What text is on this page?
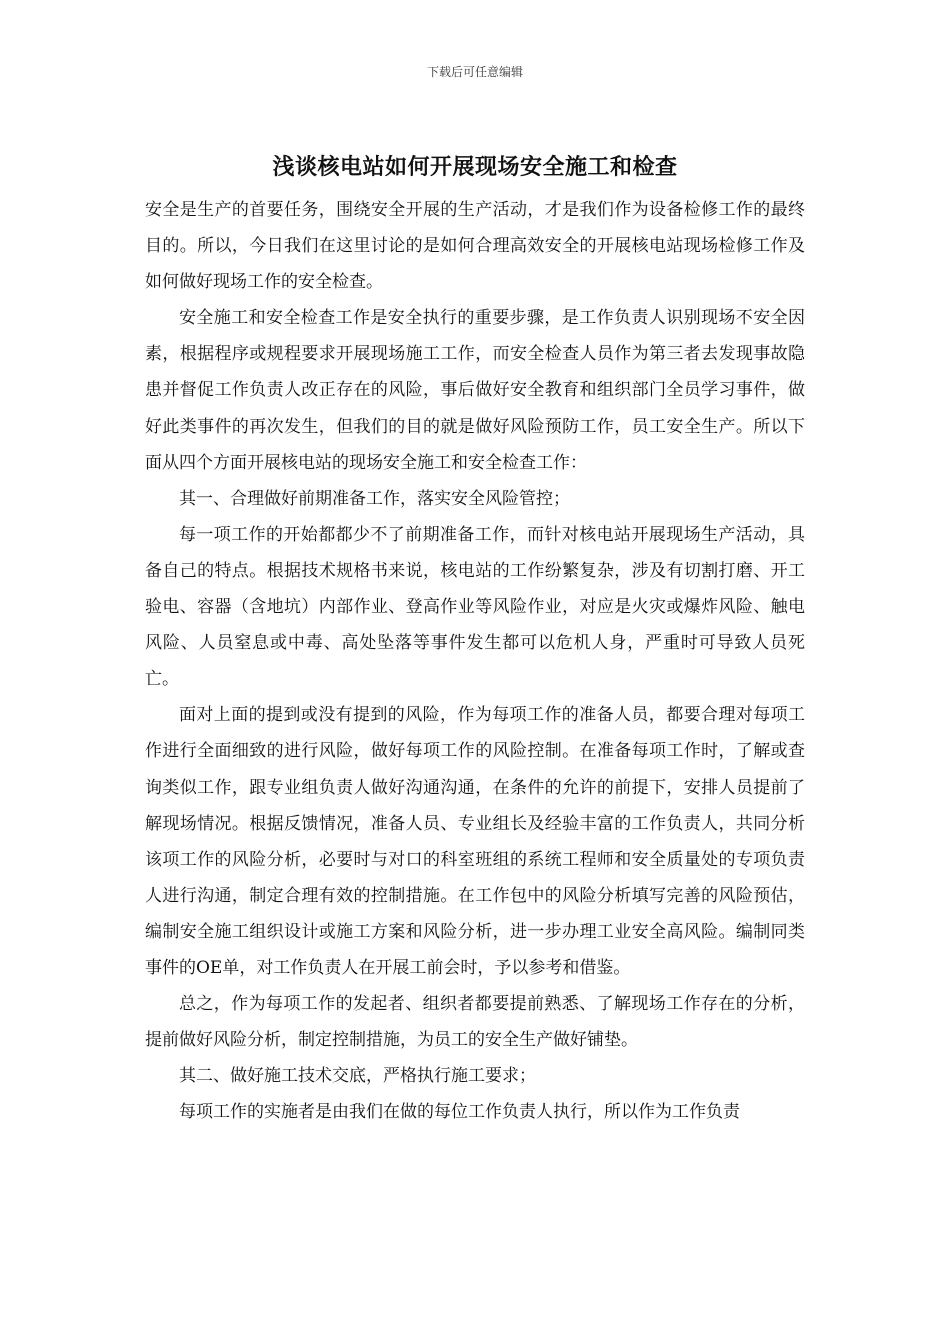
下载后可任意编辑
浅谈核电站如何开展现场安全施工和检查

安全是生产的首要任务，围绕安全开展的生产活动，才是我们作为设备检修工作的最终目的。所以，今日我们在这里讨论的是如何合理高效安全的开展核电站现场检修工作及如何做好现场工作的安全检查。

安全施工和安全检查工作是安全执行的重要步骤，是工作负责人识别现场不安全因素，根据程序或规程要求开展现场施工工作，而安全检查人员作为第三者去发现事故隐患并督促工作负责人改正存在的风险，事后做好安全教育和组织部门全员学习事件，做好此类事件的再次发生，但我们的目的就是做好风险预防工作，员工安全生产。所以下面从四个方面开展核电站的现场安全施工和安全检查工作：

其一、合理做好前期准备工作，落实安全风险管控；

每一项工作的开始都都少不了前期准备工作，而针对核电站开展现场生产活动，具备自己的特点。根据技术规格书来说，核电站的工作纷繁复杂，涉及有切割打磨、开工验电、容器（含地坑）内部作业、登高作业等风险作业，对应是火灾或爆炸风险、触电风险、人员窒息或中毒、高处坠落等事件发生都可以危机人身，严重时可导致人员死亡。

面对上面的提到或没有提到的风险，作为每项工作的准备人员，都要合理对每项工作进行全面细致的进行风险，做好每项工作的风险控制。在准备每项工作时，了解或查询类似工作，跟专业组负责人做好沟通沟通，在条件的允许的前提下，安排人员提前了解现场情况。根据反馈情况，准备人员、专业组长及经验丰富的工作负责人，共同分析该项工作的风险分析，必要时与对口的科室班组的系统工程师和安全质量处的专项负责人进行沟通，制定合理有效的控制措施。在工作包中的风险分析填写完善的风险预估，编制安全施工组织设计或施工方案和风险分析，进一步办理工业安全高风险。编制同类事件的OE单，对工作负责人在开展工前会时，予以参考和借鉴。

总之，作为每项工作的发起者、组织者都要提前熟悉、了解现场工作存在的分析，提前做好风险分析，制定控制措施，为员工的安全生产做好铺垫。

其二、做好施工技术交底，严格执行施工要求；

每项工作的实施者是由我们在做的每位工作负责人执行，所以作为工作负责
